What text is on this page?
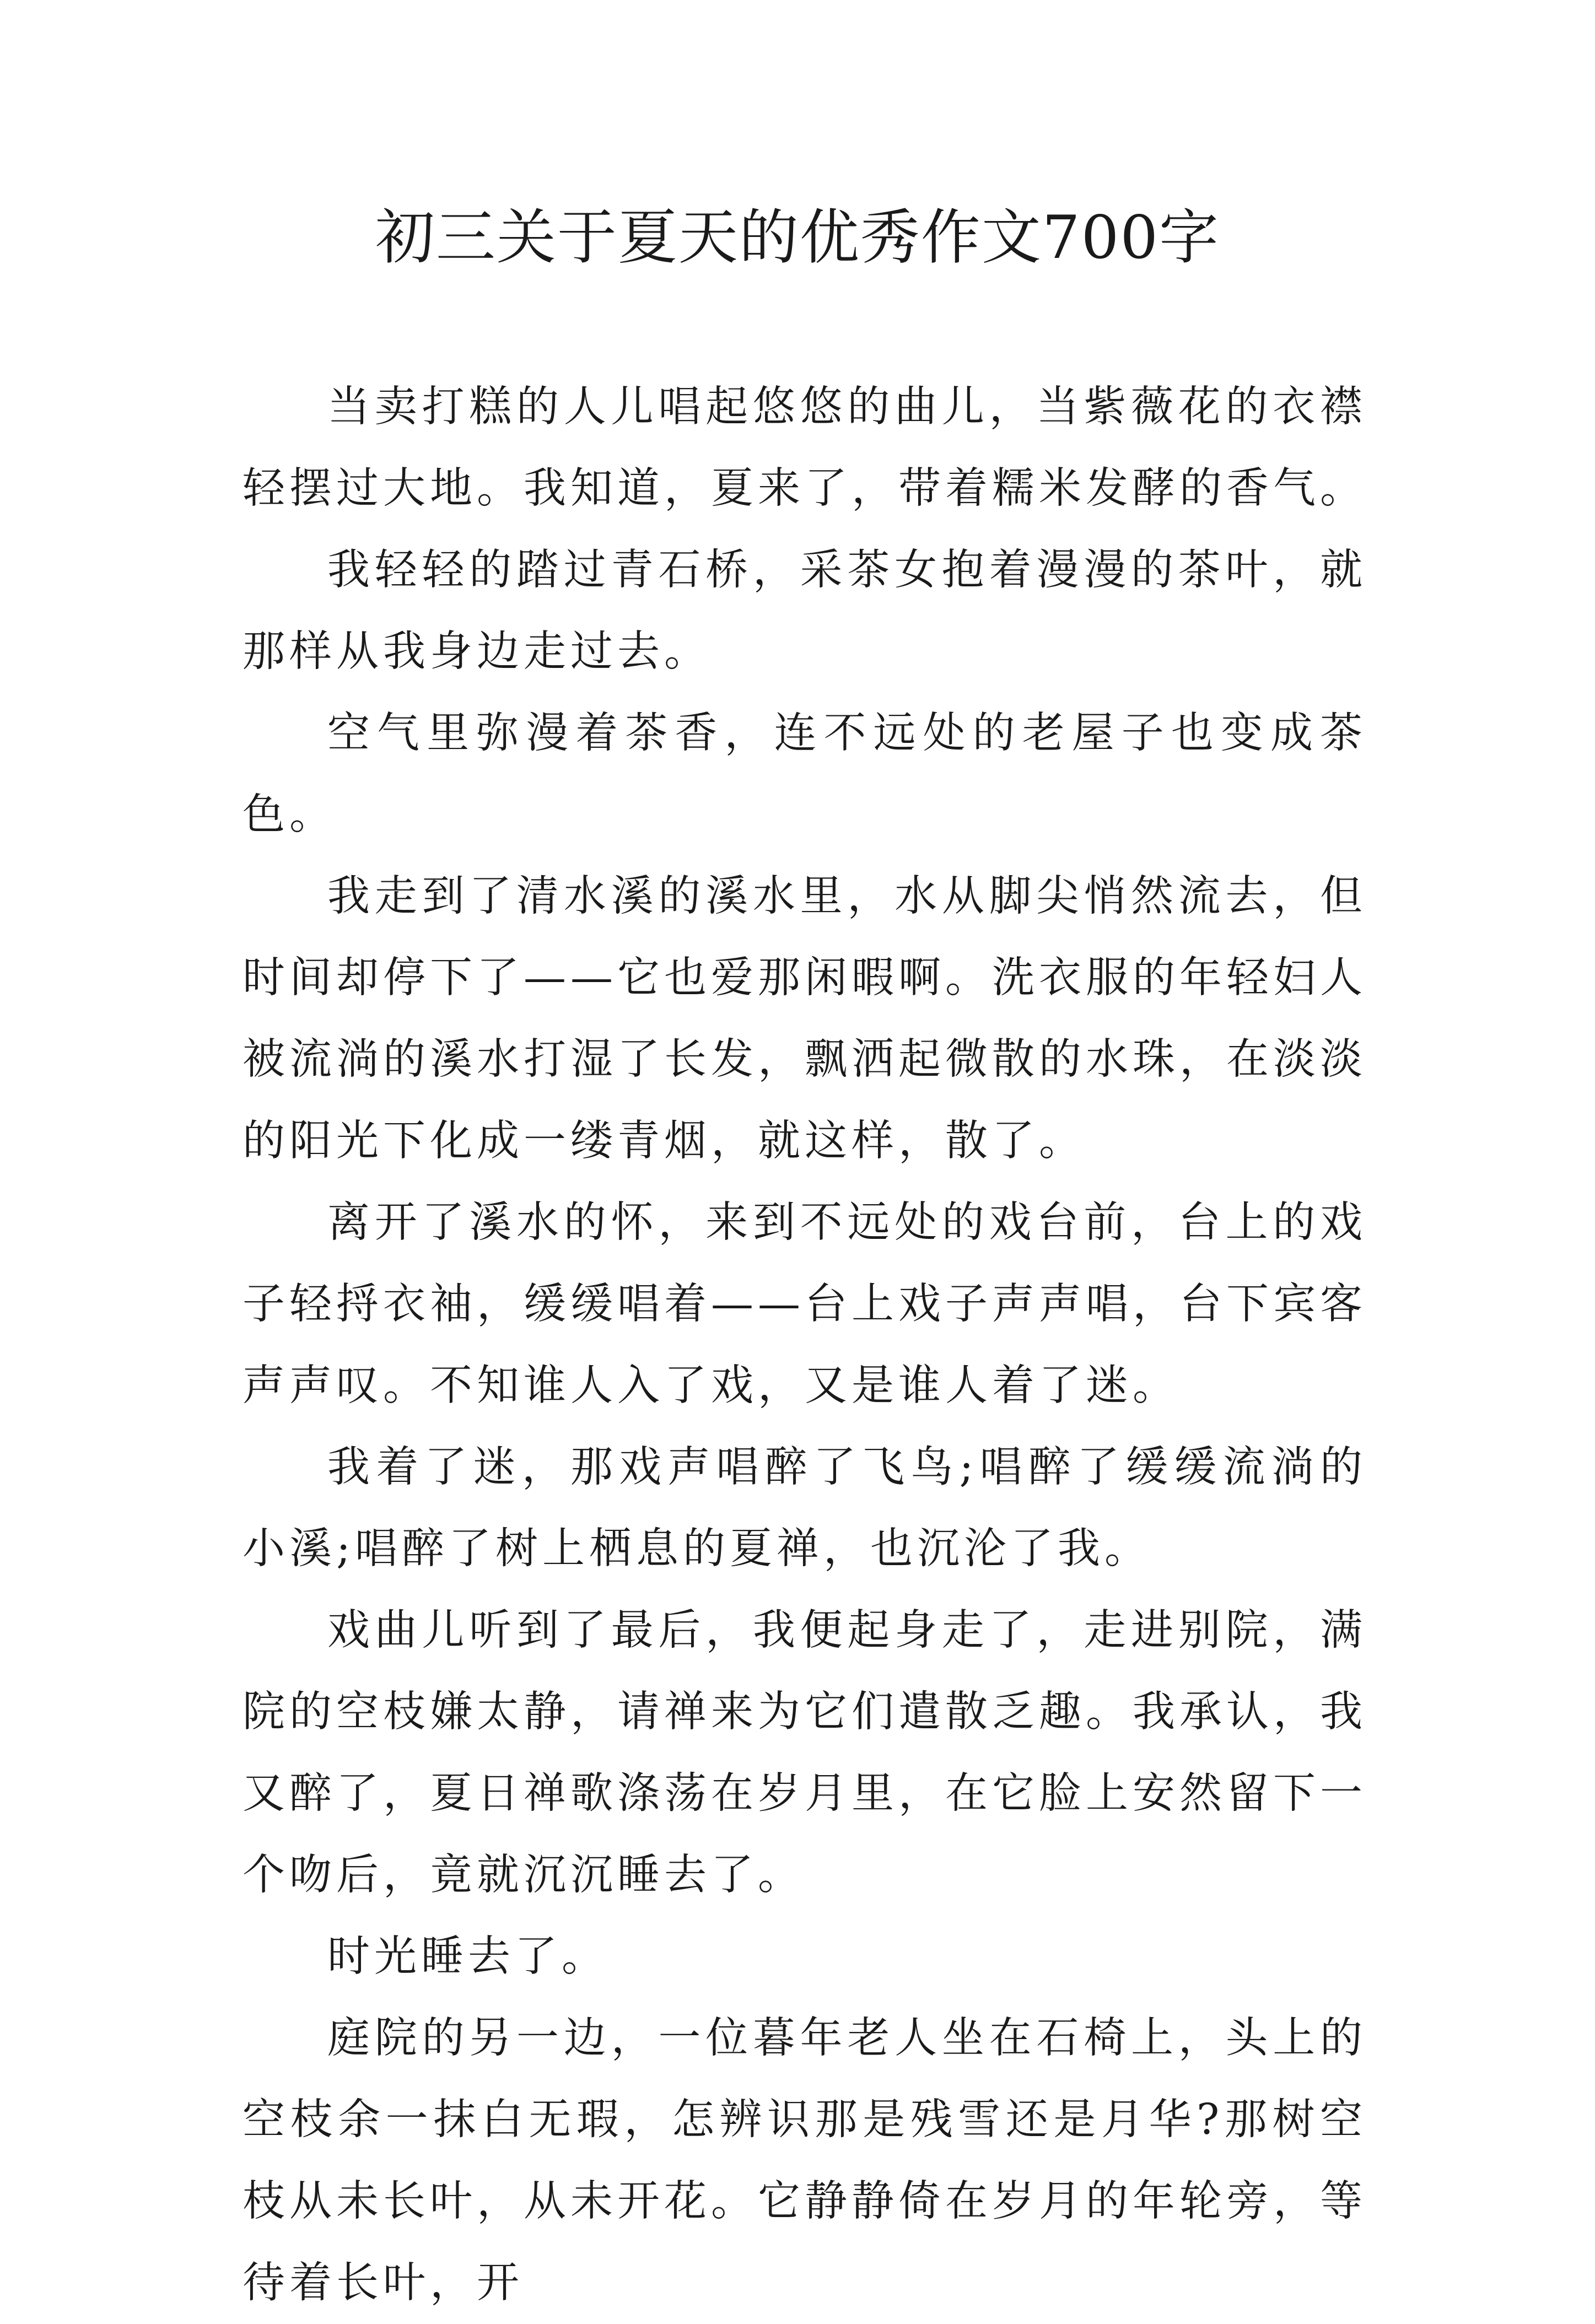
初三关于夏天的优秀作文700字

当卖打糕的人儿唱起悠悠的曲儿，当紫薇花的衣襟轻摆过大地。我知道，夏来了，带着糯米发酵的香气。

我轻轻的踏过青石桥，采茶女抱着漫漫的茶叶，就那样从我身边走过去。

空气里弥漫着茶香，连不远处的老屋子也变成茶色。

我走到了清水溪的溪水里，水从脚尖悄然流去，但时间却停下了——它也爱那闲暇啊。洗衣服的年轻妇人被流淌的溪水打湿了长发，飘洒起微散的水珠，在淡淡的阳光下化成一缕青烟，就这样，散了。

离开了溪水的怀，来到不远处的戏台前，台上的戏子轻捋衣袖，缓缓唱着——台上戏子声声唱，台下宾客声声叹。不知谁人入了戏，又是谁人着了迷。

我着了迷，那戏声唱醉了飞鸟;唱醉了缓缓流淌的小溪;唱醉了树上栖息的夏禅，也沉沦了我。

戏曲儿听到了最后，我便起身走了，走进别院，满院的空枝嫌太静，请禅来为它们遣散乏趣。我承认，我又醉了，夏日禅歌涤荡在岁月里，在它脸上安然留下一个吻后，竟就沉沉睡去了。

时光睡去了。

庭院的另一边，一位暮年老人坐在石椅上，头上的空枝余一抹白无瑕，怎辨识那是残雪还是月华?那树空枝从未长叶，从未开花。它静静倚在岁月的年轮旁，等待着长叶，开
